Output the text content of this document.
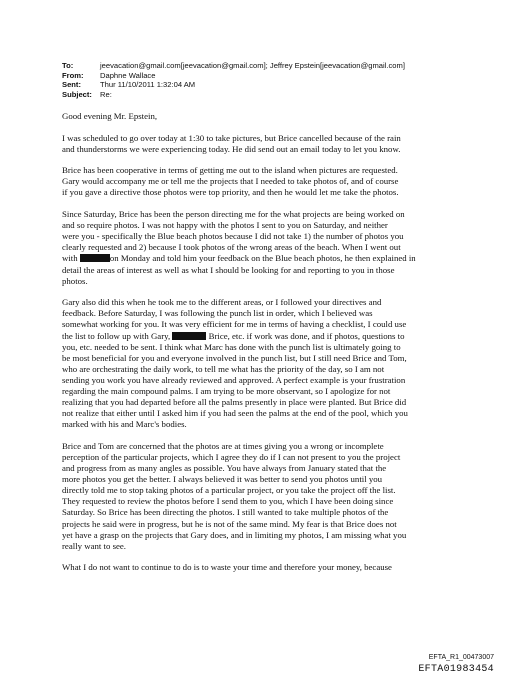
To:	jeevacation@gmail.com[jeevacation@gmail.com]; Jeffrey Epstein[jeevacation@gmail.com]
From:	Daphne Wallace
Sent:	Thur 11/10/2011 1:32:04 AM
Subject:	Re:

Good evening Mr. Epstein,

I was scheduled to go over today at 1:30 to take pictures, but Brice cancelled because of the rain
and thunderstorms we were experiencing today. He did send out an email today to let you know.

Brice has been cooperative in terms of getting me out to the island when pictures are requested.
Gary would accompany me or tell me the projects that I needed to take photos of, and of course
if you gave a directive those photos were top priority, and then he would let me take the photos.

Since Saturday, Brice has been the person directing me for the what projects are being worked on
and so require photos. I was not happy with the photos I sent to you on Saturday, and neither
were you - specifically the Blue beach photos because I did not take 1) the number of photos you
clearly requested and 2) because I took photos of the wrong areas of the beach. When I went out
with	on Monday and told him your feedback on the Blue beach photos, he then explained in
detail the areas of interest as well as what I should be looking for and reporting to you in those
photos.

Gary also did this when he took me to the different areas, or I followed your directives and
feedback. Before Saturday, I was following the punch list in order, which I believed was
somewhat working for you. It was very efficient for me in terms of having a checklist, I could use
the list to follow up with Gary,	Brice, etc. if work was done, and if photos, questions to
you, etc. needed to be sent. I think what Marc has done with the punch list is ultimately going to
be most beneficial for you and everyone involved in the punch list, but I still need Brice and Tom,
who are orchestrating the daily work, to tell me what has the priority of the day, so I am not
sending you work you have already reviewed and approved. A perfect example is your frustration
regarding the main compound palms. I am trying to be more observant, so I apologize for not
realizing that you had departed before all the palms presently in place were planted. But Brice did
not realize that either until I asked him if you had seen the palms at the end of the pool, which you
marked with his and Marc's bodies.

Brice and Tom are concerned that the photos are at times giving you a wrong or incomplete
perception of the particular projects, which I agree they do if I can not present to you the project
and progress from as many angles as possible. You have always from January stated that the
more photos you get the better. I always believed it was better to send you photos until you
directly told me to stop taking photos of a particular project, or you take the project off the list.
They requested to review the photos before I send them to you, which I have been doing since
Saturday. So Brice has been directing the photos. I still wanted to take multiple photos of the
projects he said were in progress, but he is not of the same mind. My fear is that Brice does not
yet have a grasp on the projects that Gary does, and in limiting my photos, I am missing what you
really want to see.

What I do not want to continue to do is to waste your time and therefore your money, because

EFTA_R1_00473007
EFTA01983454
